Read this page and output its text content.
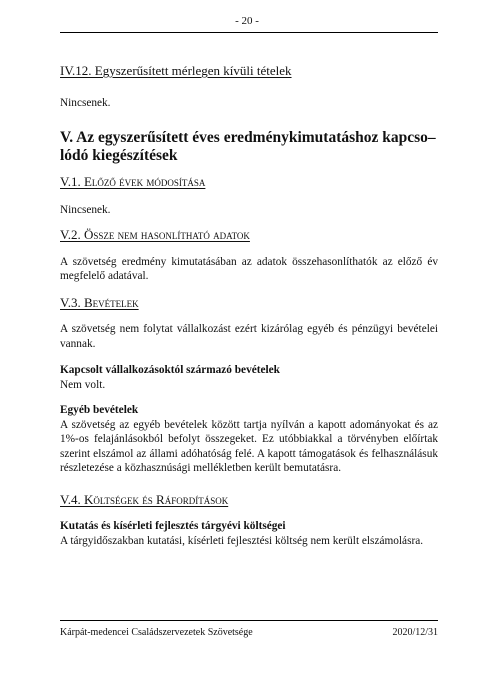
- 20 -
IV.12. Egyszerűsített mérlegen kívüli tételek

Nincsenek.

V. Az egyszerűsített éves eredménykimutatáshoz kapcso–lódó kiegészítések
V.1. Előző évek módosítása

Nincsenek.

V.2. Össze nem hasonlítható adatok

A szövetség eredmény kimutatásában az adatok összehasonlíthatók az előző év megfelelő adatával.

V.3. Bevételek

A szövetség nem folytat vállalkozást ezért kizárólag egyéb és pénzügyi bevételei vannak.

Kapcsolt vállalkozásoktól származó bevételek

Nem volt.

Egyéb bevételek

A szövetség az egyéb bevételek között tartja nyílván a kapott adományokat és az 1%-os felajánlásokból befolyt összegeket. Ez utóbbiakkal a törvényben előírtak szerint elszámol az állami adóhatóság felé. A kapott támogatások és felhasználásuk részletezése a közhasznúsági mellékletben került bemutatásra.

V.4. Költségek és Ráfordítások

Kutatás és kísérleti fejlesztés tárgyévi költségei

A tárgyidőszakban kutatási, kísérleti fejlesztési költség nem került elszámolásra.

Kárpát-medencei Családszervezetek Szövetsége	2020/12/31
